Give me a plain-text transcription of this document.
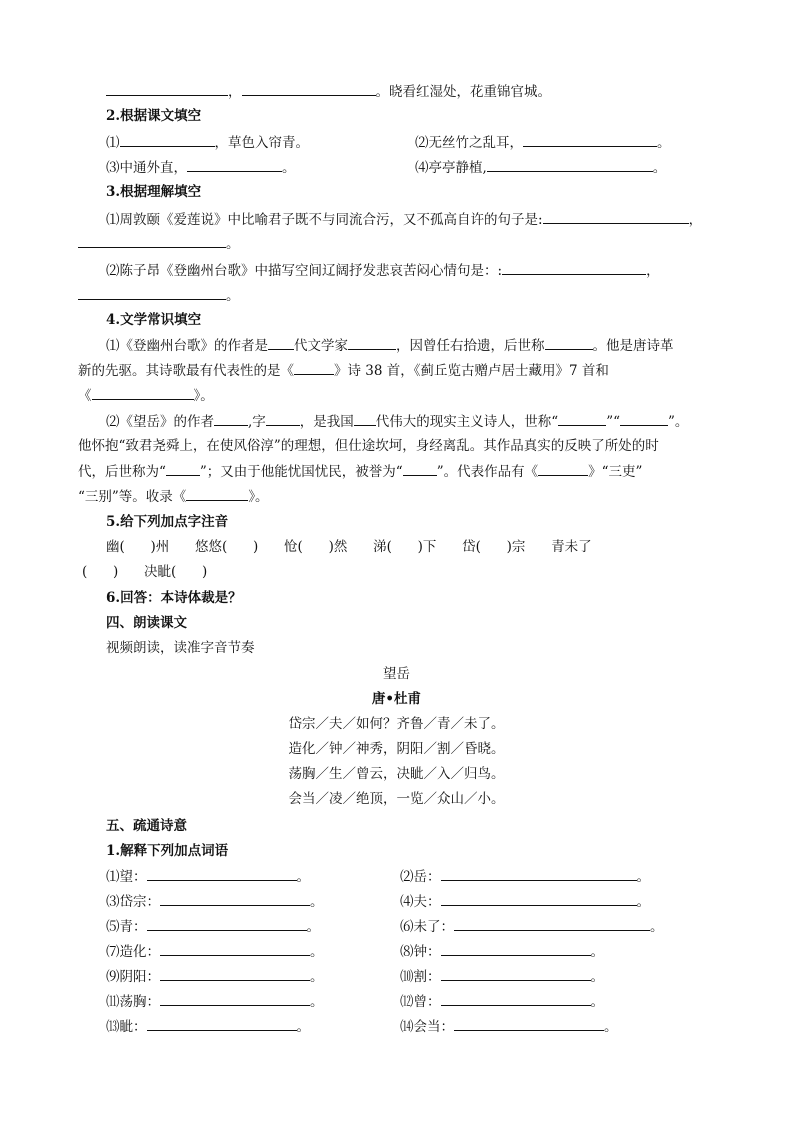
，	。晓看红湿处，花重锦官城。
2.根据课文填空
⑴	，草色入帘青。	⑵无丝竹之乱耳，	。
⑶中通外直，	。	⑷亭亭静植,	。
3.根据理解填空
⑴周敦颐《爱莲说》中比喻君子既不与同流合污，又不孤高自许的句子是:	，
。
⑵陈子昂《登幽州台歌》中描写空间辽阔抒发悲哀苦闷心情句是：:	，
。
4.文学常识填空
⑴《登幽州台歌》的作者是 代文学家	，因曾任右拾遗，后世称	。他是唐诗革
新的先驱。其诗歌最有代表性的是《	》诗 38 首，《蓟丘览古赠卢居士藏用》7 首和
《	》。
⑵《望岳》的作者	,字	，是我国 代伟大的现实主义诗人，世称“	”“	”。
他怀抱“致君尧舜上，在使风俗淳”的理想，但仕途坎坷，身经离乱。其作品真实的反映了所处的时
代，后世称为“	”；又由于他能忧国忧民，被誉为“	”。代表作品有《	》“三吏”
“三别”等。收录《	》。
5.给下列加点字注音
幽(      )州      悠悠(      )      怆(      )然      涕(      )下      岱(      )宗      青未了
(      )      决眦(      )
6.回答：本诗体裁是？
四、朗读课文
视频朗读，读准字音节奏
望岳
唐•杜甫
岱宗／夫／如何？齐鲁／青／未了。
造化／钟／神秀，阴阳／割／昏晓。
荡胸／生／曾云，决眦／入／归鸟。
会当／凌／绝顶，一览／众山／小。
五、疏通诗意
1.解释下列加点词语
⑴望：	。	⑵岳：	。
⑶岱宗：	。	⑷夫：	。
⑸青：	。	⑹未了：	。
⑺造化：	。	⑻钟：	。
⑼阴阳：	。	⑽割：	。
⑾荡胸：	。	⑿曾：	。
⒀眦：	。	⒁会当：	。
